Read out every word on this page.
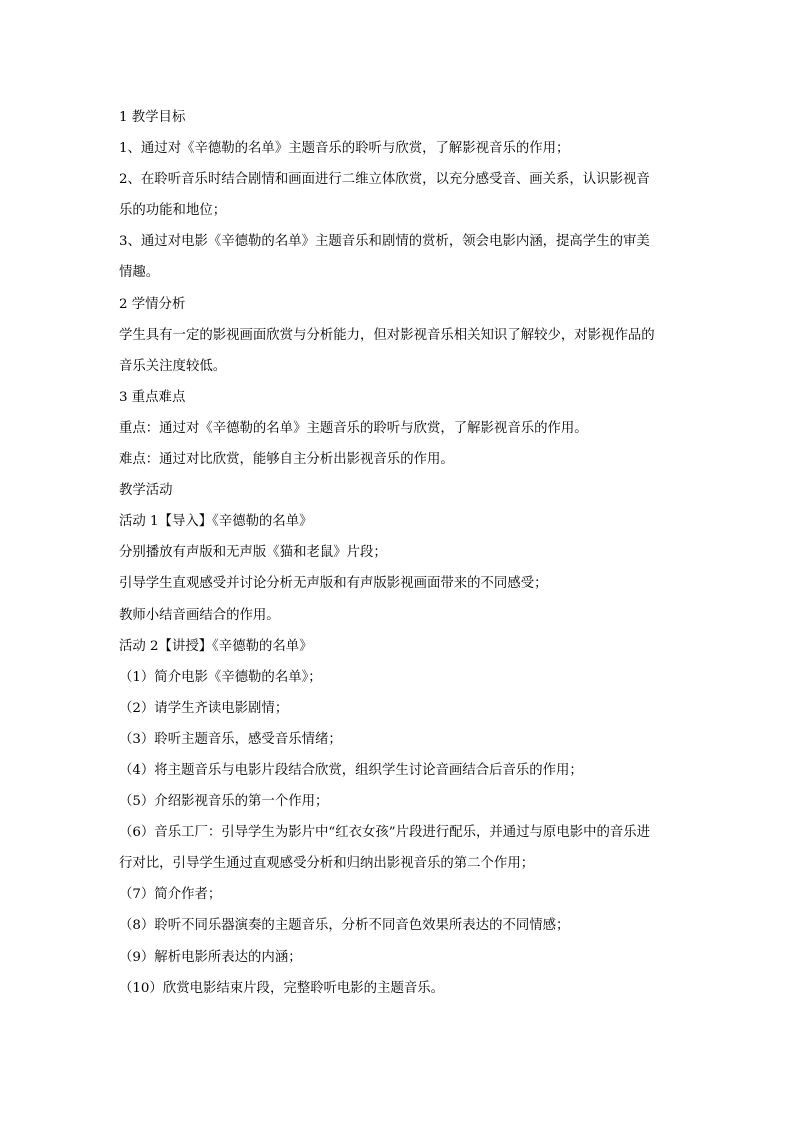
1 教学目标
1、通过对《辛德勒的名单》主题音乐的聆听与欣赏，了解影视音乐的作用；
2、在聆听音乐时结合剧情和画面进行二维立体欣赏，以充分感受音、画关系，认识影视音
乐的功能和地位；
3、通过对电影《辛德勒的名单》主题音乐和剧情的赏析，领会电影内涵，提高学生的审美
情趣。
2 学情分析
学生具有一定的影视画面欣赏与分析能力，但对影视音乐相关知识了解较少，对影视作品的
音乐关注度较低。
3 重点难点
重点：通过对《辛德勒的名单》主题音乐的聆听与欣赏，了解影视音乐的作用。
难点：通过对比欣赏，能够自主分析出影视音乐的作用。
教学活动
活动 1【导入】《辛德勒的名单》
分别播放有声版和无声版《猫和老鼠》片段；
引导学生直观感受并讨论分析无声版和有声版影视画面带来的不同感受；
教师小结音画结合的作用。
活动 2【讲授】《辛德勒的名单》
（1）简介电影《辛德勒的名单》；
（2）请学生齐读电影剧情；
（3）聆听主题音乐，感受音乐情绪；
（4）将主题音乐与电影片段结合欣赏，组织学生讨论音画结合后音乐的作用；
（5）介绍影视音乐的第一个作用；
（6）音乐工厂：引导学生为影片中“红衣女孩”片段进行配乐，并通过与原电影中的音乐进
行对比，引导学生通过直观感受分析和归纳出影视音乐的第二个作用；
（7）简介作者；
（8）聆听不同乐器演奏的主题音乐，分析不同音色效果所表达的不同情感；
（9）解析电影所表达的内涵；
（10）欣赏电影结束片段，完整聆听电影的主题音乐。
